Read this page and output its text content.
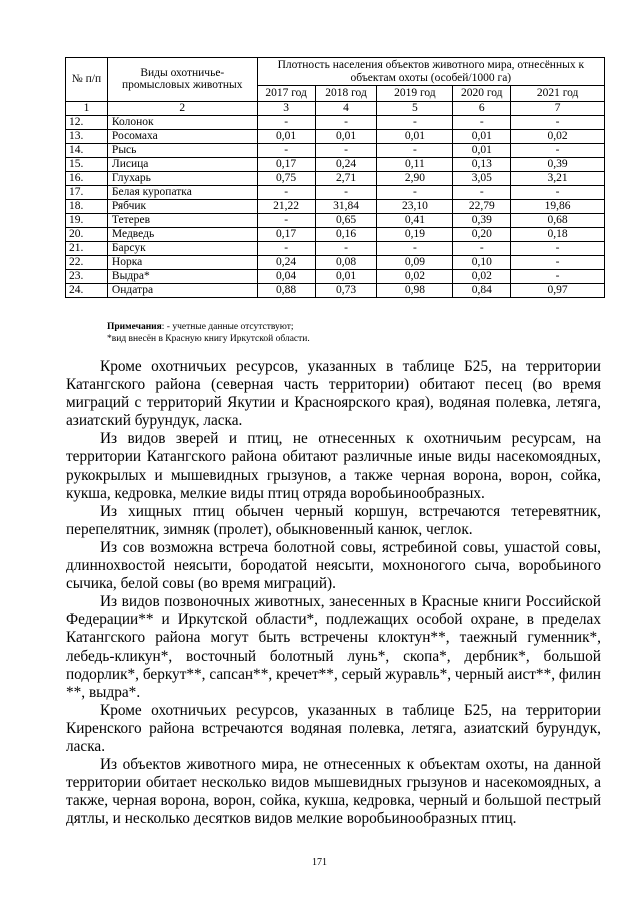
№ п/п	Виды охотничье-промысловых животных	Плотность населения объектов животного мира, отнесённых к объектам охоты (особей/1000 га)				
		2017 год	2018 год	2019 год	2020 год	2021 год
1	2	3	4	5	6	7
12.	Колонок	-	-	-	-	-
13.	Росомаха	0,01	0,01	0,01	0,01	0,02
14.	Рысь	-	-	-	0,01	-
15.	Лисица	0,17	0,24	0,11	0,13	0,39
16.	Глухарь	0,75	2,71	2,90	3,05	3,21
17.	Белая куропатка	-	-	-	-	-
18.	Рябчик	21,22	31,84	23,10	22,79	19,86
19.	Тетерев	-	0,65	0,41	0,39	0,68
20.	Медведь	0,17	0,16	0,19	0,20	0,18
21.	Барсук	-	-	-	-	-
22.	Норка	0,24	0,08	0,09	0,10	-
23.	Выдра*	0,04	0,01	0,02	0,02	-
24.	Ондатра	0,88	0,73	0,98	0,84	0,97
Примечания: - учетные данные отсутствуют;
*вид внесён в Красную книгу Иркутской области.

Кроме охотничьих ресурсов, указанных в таблице Б25, на территории Катангского района (северная часть территории) обитают песец (во время миграций с территорий Якутии и Красноярского края), водяная полевка, летяга, азиатский бурундук, ласка.

Из видов зверей и птиц, не отнесенных к охотничьим ресурсам, на территории Катангского района обитают различные иные виды насекомоядных, рукокрылых и мышевидных грызунов, а также черная ворона, ворон, сойка, кукша, кедровка, мелкие виды птиц отряда воробьинообразных.

Из хищных птиц обычен черный коршун, встречаются тетеревятник, перепелятник, зимняк (пролет), обыкновенный канюк, чеглок.

Из сов возможна встреча болотной совы, ястребиной совы, ушастой совы, длиннохвостой неясыти, бородатой неясыти, мохноногого сыча, воробьиного сычика, белой совы (во время миграций).

Из видов позвоночных животных, занесенных в Красные книги Российской Федерации** и Иркутской области*, подлежащих особой охране, в пределах Катангского района могут быть встречены клоктун**, таежный гуменник*, лебедь-кликун*, восточный болотный лунь*, скопа*, дербник*, большой подорлик*, беркут**, сапсан**, кречет**, серый журавль*, черный аист**, филин **, выдра*.

Кроме охотничьих ресурсов, указанных в таблице Б25, на территории Киренского района встречаются водяная полевка, летяга, азиатский бурундук, ласка.

Из объектов животного мира, не отнесенных к объектам охоты, на данной территории обитает несколько видов мышевидных грызунов и насекомоядных, а также, черная ворона, ворон, сойка, кукша, кедровка, черный и большой пестрый дятлы, и несколько десятков видов мелкие воробьинообразных птиц.

171
